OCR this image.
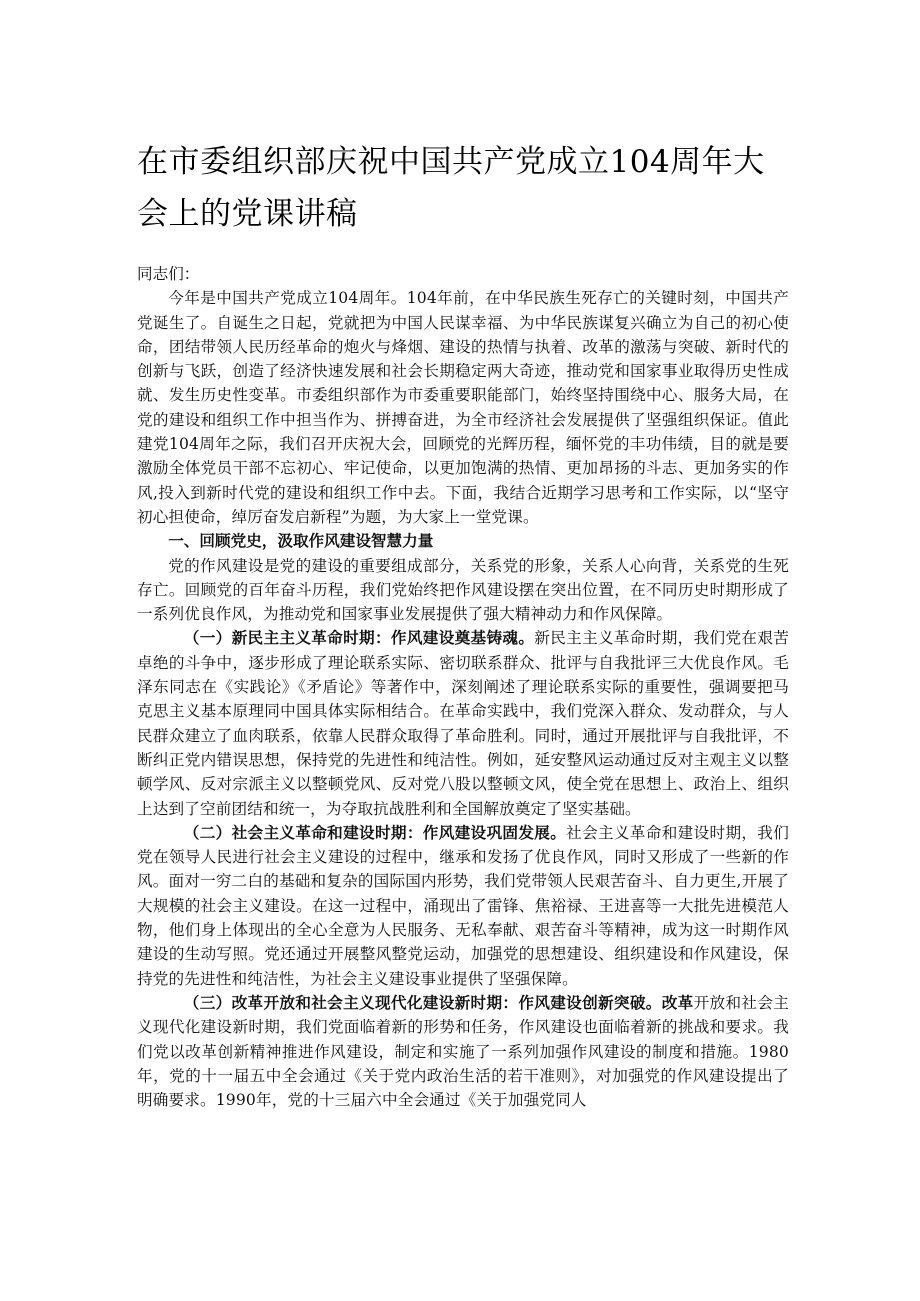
在市委组织部庆祝中国共产党成立104周年大会上的党课讲稿

同志们：

今年是中国共产党成立104周年。104年前，在中华民族生死存亡的关键时刻，中国共产党诞生了。自诞生之日起，党就把为中国人民谋幸福、为中华民族谋复兴确立为自己的初心使命，团结带领人民历经革命的炮火与烽烟、建设的热情与执着、改革的激荡与突破、新时代的创新与飞跃，创造了经济快速发展和社会长期稳定两大奇迹，推动党和国家事业取得历史性成就、发生历史性变革。市委组织部作为市委重要职能部门，始终坚持围绕中心、服务大局，在党的建设和组织工作中担当作为、拼搏奋进，为全市经济社会发展提供了坚强组织保证。值此建党104周年之际，我们召开庆祝大会，回顾党的光辉历程，缅怀党的丰功伟绩，目的就是要激励全体党员干部不忘初心、牢记使命，以更加饱满的热情、更加昂扬的斗志、更加务实的作风,投入到新时代党的建设和组织工作中去。下面，我结合近期学习思考和工作实际，以“坚守初心担使命，绰厉奋发启新程”为题，为大家上一堂党课。

一、回顾党史，汲取作风建设智慧力量

党的作风建设是党的建设的重要组成部分，关系党的形象，关系人心向背，关系党的生死存亡。回顾党的百年奋斗历程，我们党始终把作风建设摆在突出位置，在不同历史时期形成了一系列优良作风，为推动党和国家事业发展提供了强大精神动力和作风保障。

（一）新民主主义革命时期：作风建设奠基铸魂。新民主主义革命时期，我们党在艰苦卓绝的斗争中，逐步形成了理论联系实际、密切联系群众、批评与自我批评三大优良作风。毛泽东同志在《实践论》《矛盾论》等著作中，深刻阐述了理论联系实际的重要性，强调要把马克思主义基本原理同中国具体实际相结合。在革命实践中，我们党深入群众、发动群众，与人民群众建立了血肉联系，依靠人民群众取得了革命胜利。同时，通过开展批评与自我批评，不断纠正党内错误思想，保持党的先进性和纯洁性。例如，延安整风运动通过反对主观主义以整顿学风、反对宗派主义以整顿党风、反对党八股以整顿文风，使全党在思想上、政治上、组织上达到了空前团结和统一，为夺取抗战胜利和全国解放奠定了坚实基础。

（二）社会主义革命和建设时期：作风建设巩固发展。社会主义革命和建设时期，我们党在领导人民进行社会主义建设的过程中，继承和发扬了优良作风，同时又形成了一些新的作风。面对一穷二白的基础和复杂的国际国内形势，我们党带领人民艰苦奋斗、自力更生,开展了大规模的社会主义建设。在这一过程中，涌现出了雷锋、焦裕禄、王进喜等一大批先进模范人物，他们身上体现出的全心全意为人民服务、无私奉献、艰苦奋斗等精神，成为这一时期作风建设的生动写照。党还通过开展整风整党运动，加强党的思想建设、组织建设和作风建设，保持党的先进性和纯洁性，为社会主义建设事业提供了坚强保障。

（三）改革开放和社会主义现代化建设新时期：作风建设创新突破。改革开放和社会主义现代化建设新时期，我们党面临着新的形势和任务，作风建设也面临着新的挑战和要求。我们党以改革创新精神推进作风建设，制定和实施了一系列加强作风建设的制度和措施。1980年，党的十一届五中全会通过《关于党内政治生活的若干准则》，对加强党的作风建设提出了明确要求。1990年，党的十三届六中全会通过《关于加强党同人
